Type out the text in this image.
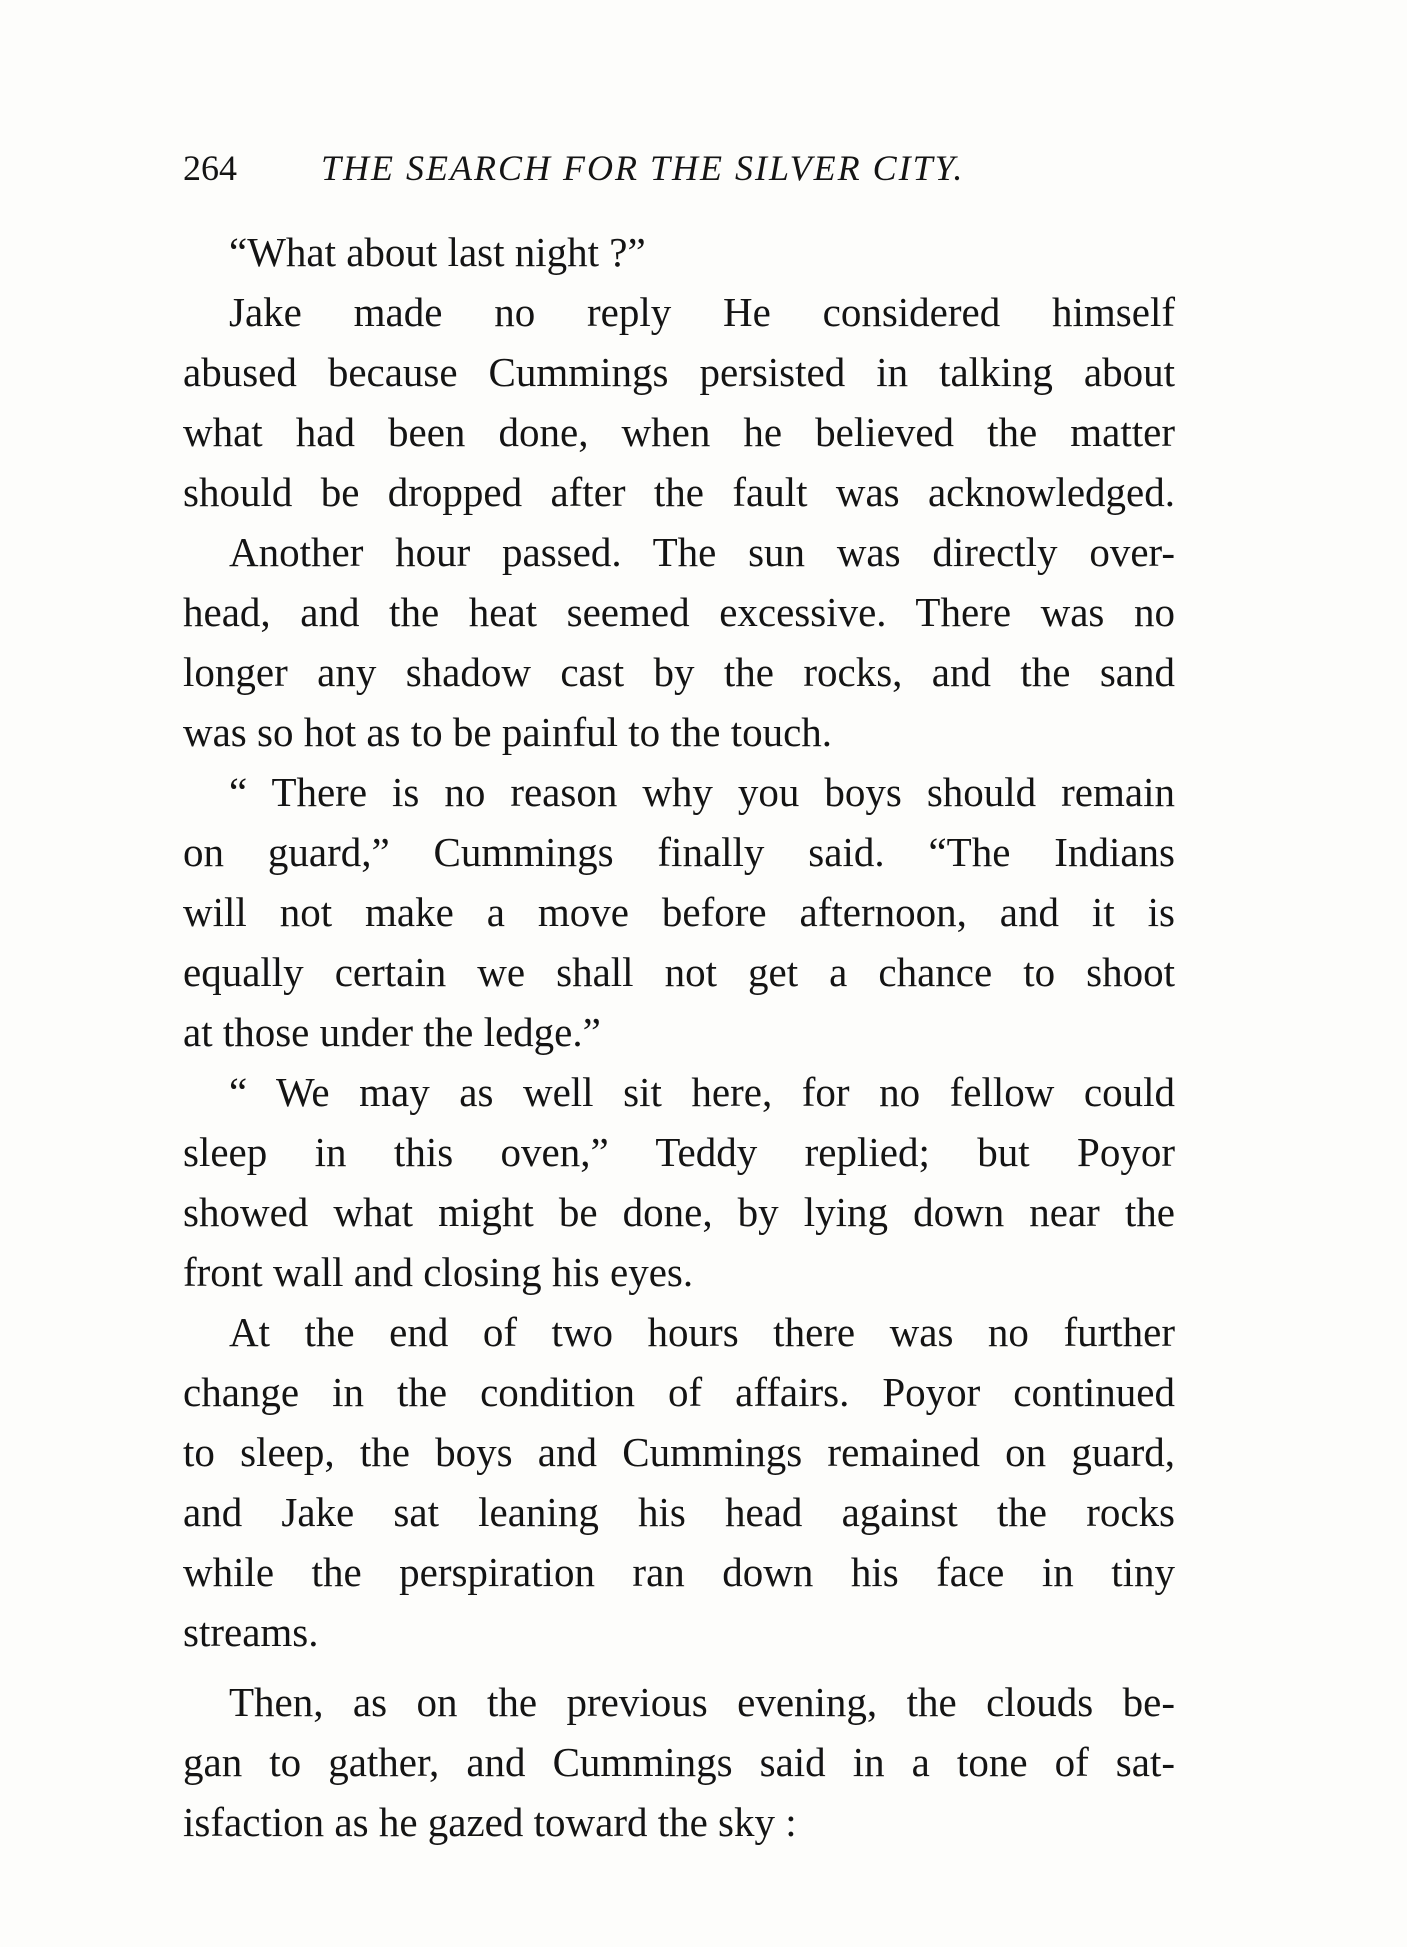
264 THE SEARCH FOR THE SILVER CITY.
“What about last night ?”
Jake made no reply He considered himself
abused because Cummings persisted in talking about
what had been done, when he believed the matter
should be dropped after the fault was acknowledged.
Another hour passed. The sun was directly over-
head, and the heat seemed excessive. There was no
longer any shadow cast by the rocks, and the sand
was so hot as to be painful to the touch.
“ There is no reason why you boys should remain
on guard,” Cummings finally said. “The Indians
will not make a move before afternoon, and it is
equally certain we shall not get a chance to shoot
at those under the ledge.”
“ We may as well sit here, for no fellow could
sleep in this oven,” Teddy replied; but Poyor
showed what might be done, by lying down near the
front wall and closing his eyes.
At the end of two hours there was no further
change in the condition of affairs. Poyor continued
to sleep, the boys and Cummings remained on guard,
and Jake sat leaning his head against the rocks
while the perspiration ran down his face in tiny
streams.
Then, as on the previous evening, the clouds be-
gan to gather, and Cummings said in a tone of sat-
isfaction as he gazed toward the sky :
